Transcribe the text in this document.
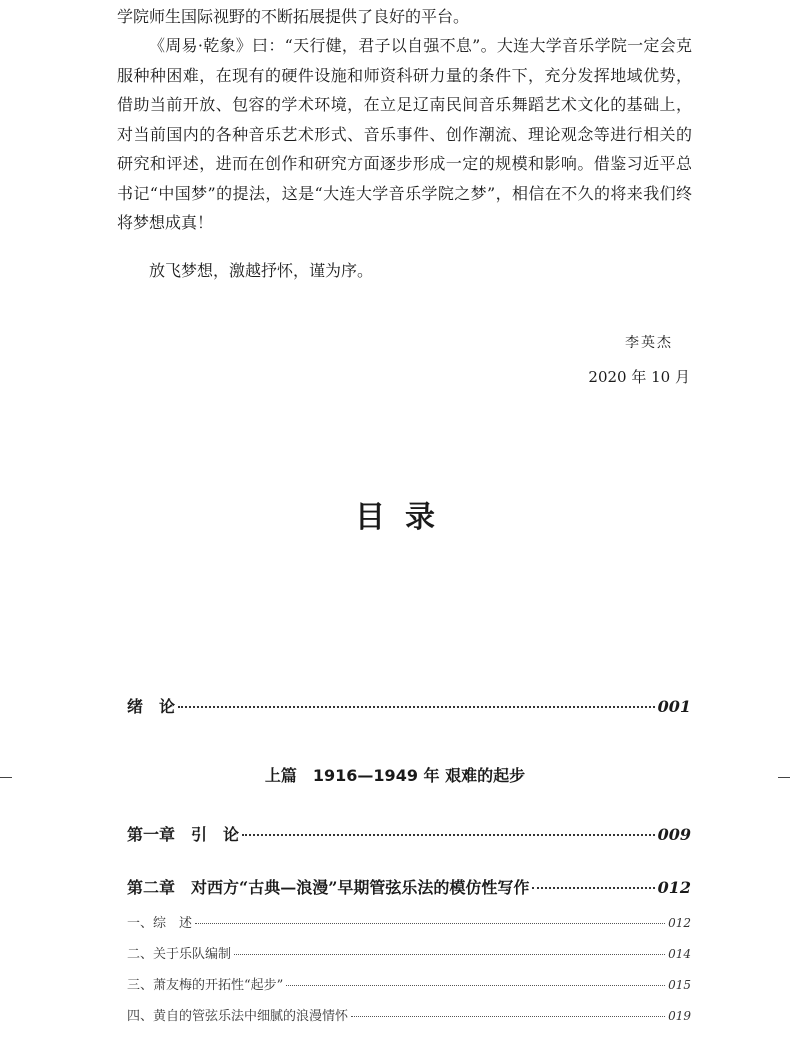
学院师生国际视野的不断拓展提供了良好的平台。

《周易·乾象》曰：“天行健，君子以自强不息”。大连大学音乐学院一定会克服种种困难，在现有的硬件设施和师资科研力量的条件下，充分发挥地域优势，借助当前开放、包容的学术环境，在立足辽南民间音乐舞蹈艺术文化的基础上，对当前国内的各种音乐艺术形式、音乐事件、创作潮流、理论观念等进行相关的研究和评述，进而在创作和研究方面逐步形成一定的规模和影响。借鉴习近平总书记“中国梦”的提法，这是“大连大学音乐学院之梦”，相信在不久的将来我们终将梦想成真！

放飞梦想，激越抒怀，谨为序。

李英杰
2020 年 10 月
目录
绪　论	001
上篇　1916—1949 年 艰难的起步
第一章　引　论	009
第二章　对西方“古典—浪漫”早期管弦乐法的模仿性写作	012
一、综　述	012
二、关于乐队编制	014
三、萧友梅的开拓性“起步”	015
四、黄自的管弦乐法中细腻的浪漫情怀	019
